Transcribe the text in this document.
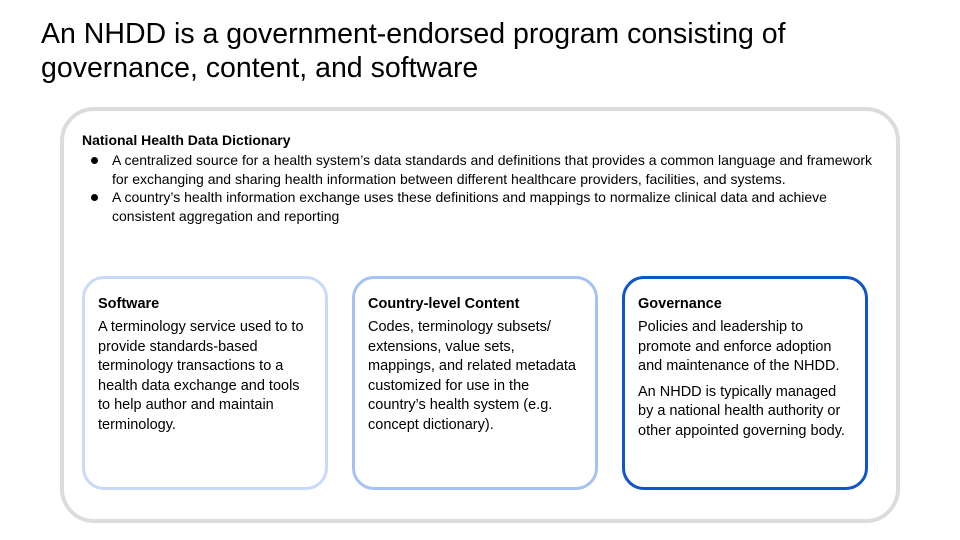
An NHDD is a government-endorsed program consisting of governance, content, and software
National Health Data Dictionary
A centralized source for a health system’s data standards and definitions that provides a common language and framework for exchanging and sharing health information between different healthcare providers, facilities, and systems.
A country’s health information exchange uses these definitions and mappings to normalize clinical data and achieve consistent aggregation and reporting
Software

A terminology service used to to provide standards-based terminology transactions to a health data exchange and tools to help author and maintain terminology.

Country-level Content

Codes, terminology subsets/ extensions, value sets, mappings, and related metadata customized for use in the country’s health system (e.g. concept dictionary).

Governance

Policies and leadership to promote and enforce adoption and maintenance of the NHDD.

An NHDD is typically managed by a national health authority or other appointed governing body.
